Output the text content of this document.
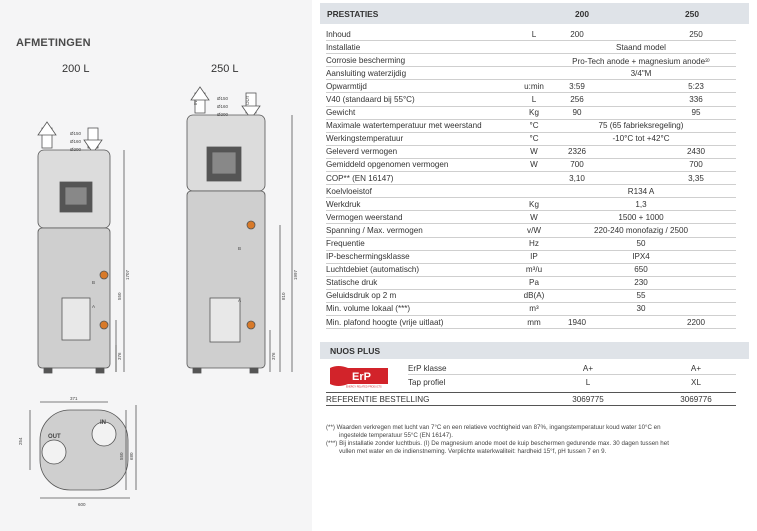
AFMETINGEN
200 L	250 L
Ø150
Ø160
Ø200
1707
550
376
B
A
Ø150
Ø160
Ø200
1997
810
376
B
A
IN	OUT
371
254
600
550 680
OUT
IN
PRESTATIES	200	250
Inhoud	L	200	250
Installatie	Staand model
Corrosie bescherming	Pro-Tech anode + magnesium anode³⁾
Aansluiting waterzijdig	3/4"M
Opwarmtijd	u:min	3:59	5:23
V40 (standaard bij 55°C)	L	256	336
Gewicht	Kg	90	95
Maximale watertemperatuur met weerstand	°C	75 (65 fabrieksregeling)
Werkingstemperatuur	°C	-10°C tot +42°C
Geleverd vermogen	W	2326	2430
Gemiddeld opgenomen vermogen	W	700	700
COP** (EN 16147)	3,10	3,35
Koelvloeistof	R134 A
Werkdruk	Kg	1,3
Vermogen weerstand	W	1500 + 1000
Spanning / Max. vermogen	v/W	220-240 monofazig / 2500
Frequentie	Hz	50
IP-beschermingsklasse	IP	IPX4
Luchtdebiet (automatisch)	m³/u	650
Statische druk	Pa	230
Geluidsdruk op 2 m	dB(A)	55
Min. volume lokaal (***)	m³	30
Min. plafond hoogte (vrije uitlaat)	mm	1940	2200
NUOS PLUS
ErP
ENERGY RELATED PRODUCTS
ErP klasse	A+	A+
Tap profiel	L	XL
REFERENTIE BESTELLING	3069775	3069776

(**) Waarden verkregen met lucht van 7°C en een relatieve vochtigheid van 87%, ingangstemperatuur koud water 10°C en

ingestelde temperatuur 55°C (EN 16147).

(***) Bij installatie zonder luchtbuis. (I) De magnesium anode moet de kuip beschermen gedurende max. 30 dagen tussen het

vullen met water en de indienstneming. Verplichte waterkwaliteit: hardheid 15°f, pH tussen 7 en 9.
